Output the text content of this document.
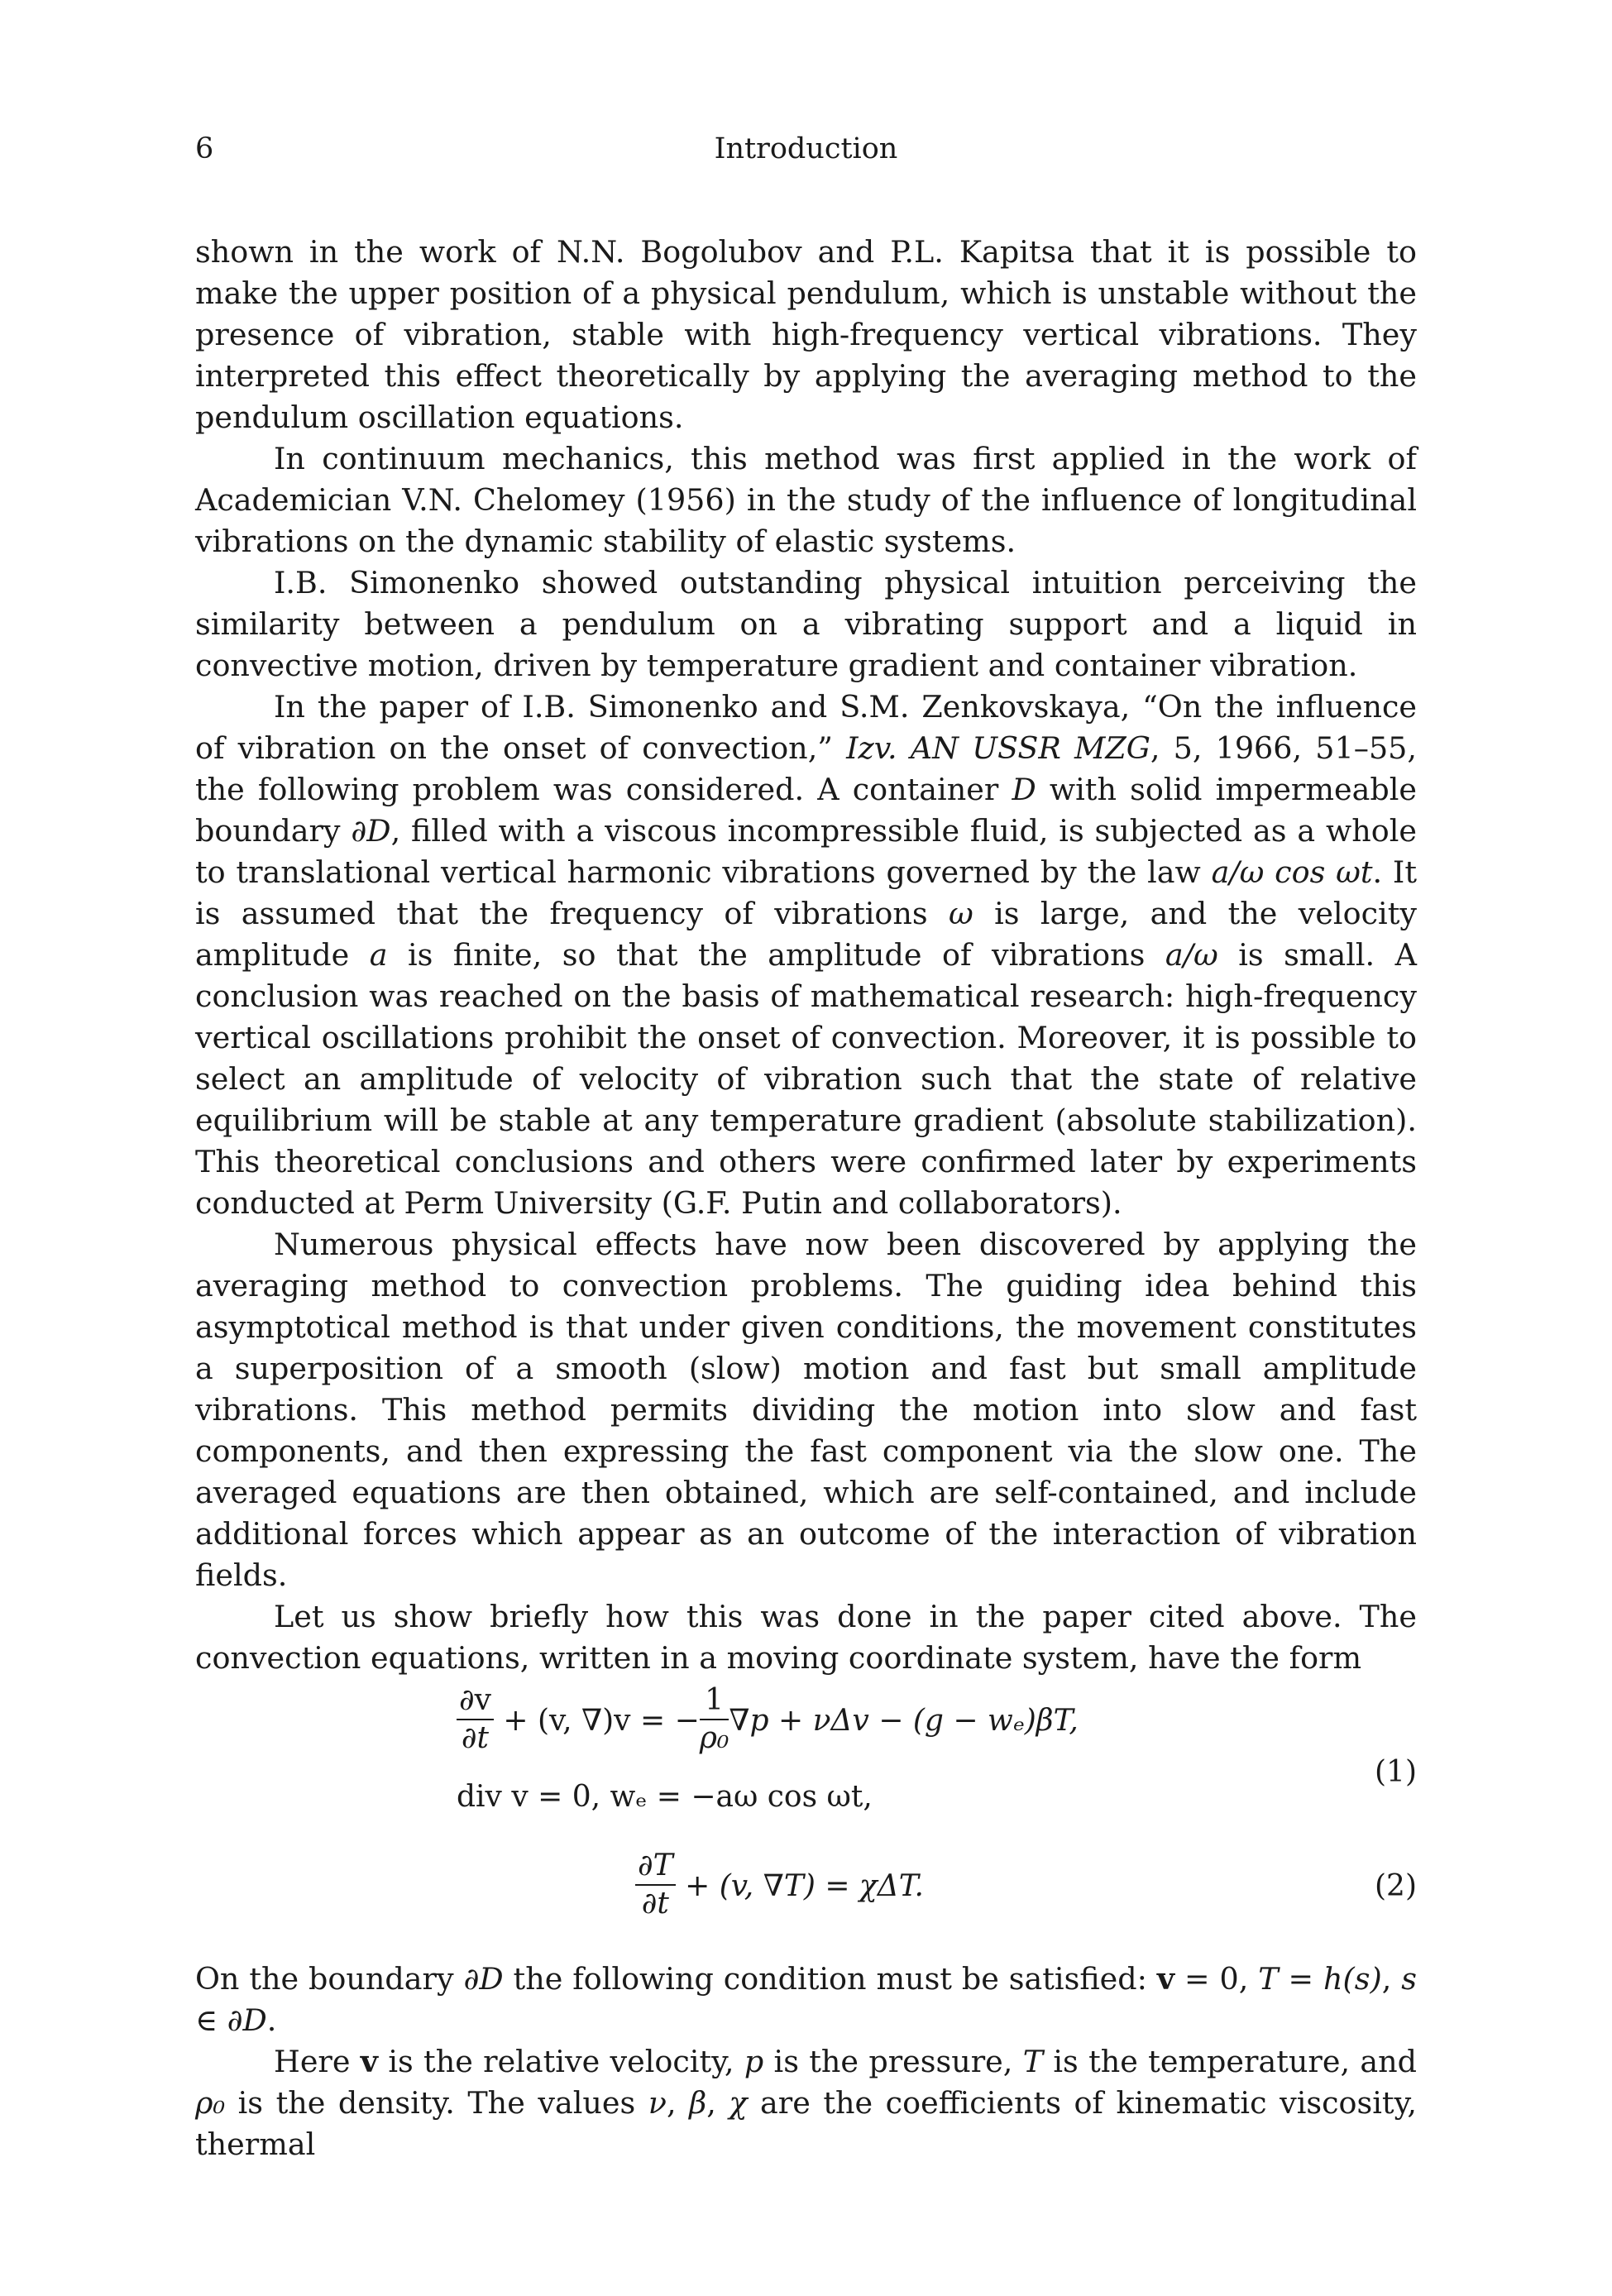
6	Introduction

shown in the work of N.N. Bogolubov and P.L. Kapitsa that it is possible to make the upper position of a physical pendulum, which is unstable without the presence of vibration, stable with high-frequency vertical vibrations. They interpreted this effect theoretically by applying the averaging method to the pendulum oscillation equations.

In continuum mechanics, this method was first applied in the work of Academician V.N. Chelomey (1956) in the study of the influence of longitudinal vibrations on the dynamic stability of elastic systems.

I.B. Simonenko showed outstanding physical intuition perceiving the similarity between a pendulum on a vibrating support and a liquid in convective motion, driven by temperature gradient and container vibration.

In the paper of I.B. Simonenko and S.M. Zenkovskaya, “On the influence of vibration on the onset of convection,” Izv. AN USSR MZG, 5, 1966, 51–55, the following problem was considered. A container D with solid impermeable boundary ∂D, filled with a viscous incompressible fluid, is subjected as a whole to translational vertical harmonic vibrations governed by the law a/ω cos ωt. It is assumed that the frequency of vibrations ω is large, and the velocity amplitude a is finite, so that the amplitude of vibrations a/ω is small. A conclusion was reached on the basis of mathematical research: high-frequency vertical oscillations prohibit the onset of convection. Moreover, it is possible to select an amplitude of velocity of vibration such that the state of relative equilibrium will be stable at any temperature gradient (absolute stabilization). This theoretical conclusions and others were confirmed later by experiments conducted at Perm University (G.F. Putin and collaborators).

Numerous physical effects have now been discovered by applying the averaging method to convection problems. The guiding idea behind this asymptotical method is that under given conditions, the movement constitutes a superposition of a smooth (slow) motion and fast but small amplitude vibrations. This method permits dividing the motion into slow and fast components, and then expressing the fast component via the slow one. The averaged equations are then obtained, which are self-contained, and include additional forces which appear as an outcome of the interaction of vibration fields.

Let us show briefly how this was done in the paper cited above. The convection equations, written in a moving coordinate system, have the form

$\frac{\partial v}{\partial t} + (v$, ∇)v = − $\frac{1}{\text{ρ₀}} \nabla p + \nu\Delta v - (g - w_e)\beta T$,
div v = 0, wₑ = −aω cos ωt,
(1)
$\frac{\partial T}{\partial t} + (v$, ∇T) = χΔT.	(2)

On the boundary ∂D the following condition must be satisfied: v = 0, T = h(s), s ∈ ∂D.

Here v is the relative velocity, p is the pressure, T is the temperature, and ρ₀ is the density. The values ν, β, χ are the coefficients of kinematic viscosity, thermal
